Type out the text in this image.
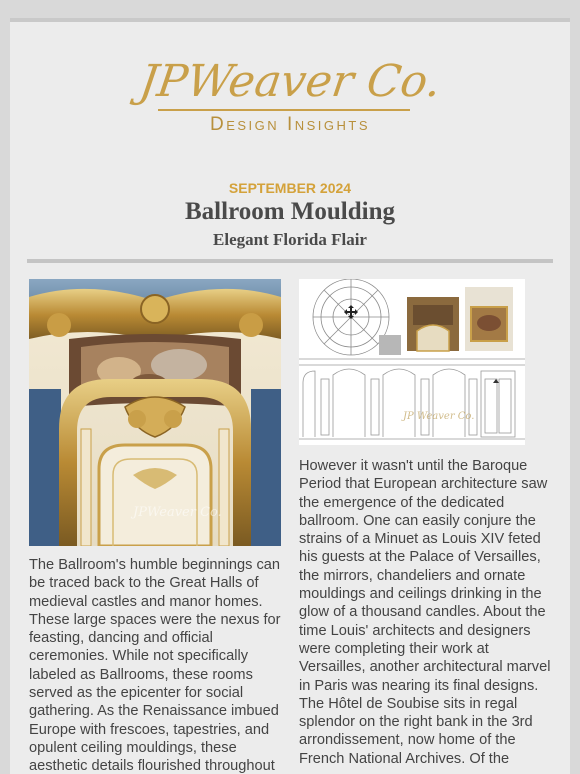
JPWeaver Co.
Design Insights
SEPTEMBER 2024
Ballroom Moulding
Elegant Florida Flair
JPWeaver Co.
JP Weaver Co.
The Ballroom's humble beginnings can be traced back to the Great Halls of medieval castles and manor homes. These large spaces were the nexus for feasting, dancing and official ceremonies. While not specifically labeled as Ballrooms, these rooms served as the epicenter for social gathering. As the Renaissance imbued Europe with frescoes, tapestries, and opulent ceiling mouldings, these aesthetic details flourished throughout
However it wasn't until the Baroque Period that European architecture saw the emergence of the dedicated ballroom. One can easily conjure the strains of a Minuet as Louis XIV feted his guests at the Palace of Versailles, the mirrors, chandeliers and ornate mouldings and ceilings drinking in the glow of a thousand candles. About the time Louis' architects and designers were completing their work at Versailles, another architectural marvel in Paris was nearing its final designs. The Hôtel de Soubise sits in regal splendor on the right bank in the 3rd arrondissement, now home of the French National Archives. Of the
